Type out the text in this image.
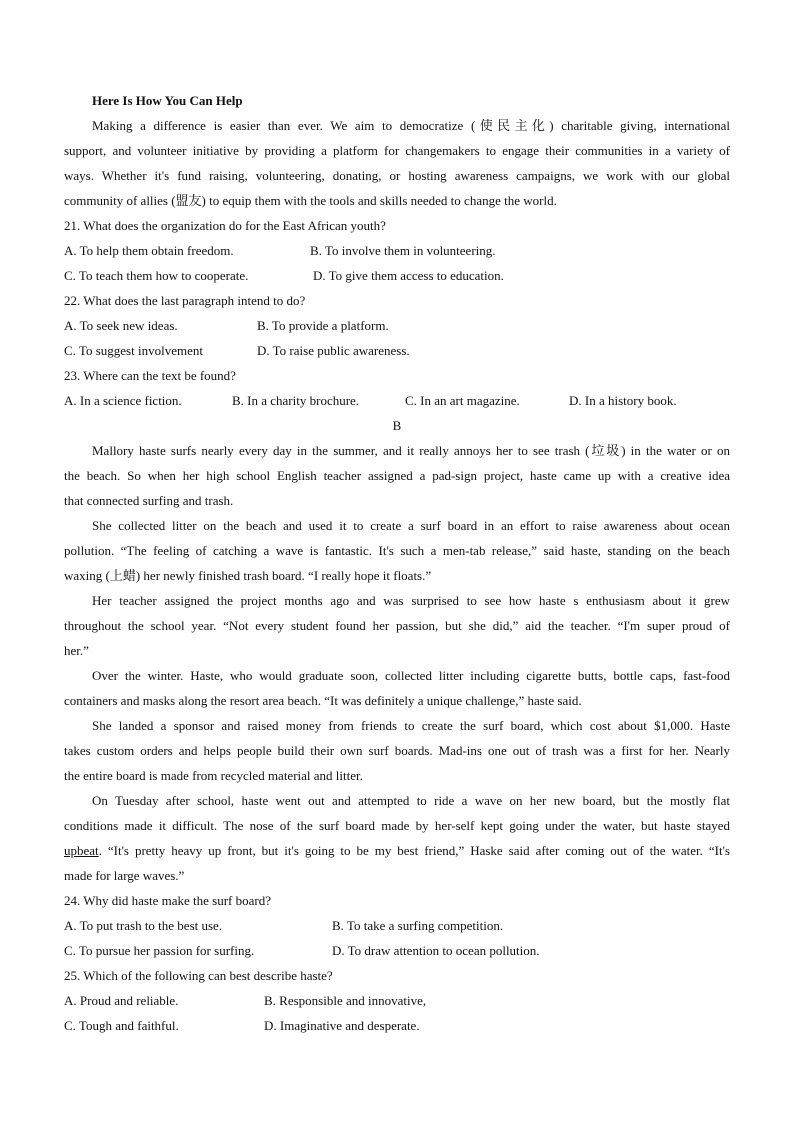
Here Is How You Can Help
Making a difference is easier than ever. We aim to democratize (使民主化) charitable giving, international
support, and volunteer initiative by providing a platform for changemakers to engage their communities in a variety of
ways. Whether it's fund raising, volunteering, donating, or hosting awareness campaigns, we work with our global
community of allies (盟友) to equip them with the tools and skills needed to change the world.
21. What does the organization do for the East African youth?
A. To help them obtain freedom.	B. To involve them in volunteering.
C. To teach them how to cooperate.	D. To give them access to education.
22. What does the last paragraph intend to do?
A. To seek new ideas.	B. To provide a platform.
C. To suggest involvement	D. To raise public awareness.
23. Where can the text be found?
A. In a science fiction.	B. In a charity brochure.	C. In an art magazine.	D. In a history book.
B
Mallory haste surfs nearly every day in the summer, and it really annoys her to see trash (垃圾) in the water or on
the beach. So when her high school English teacher assigned a pad-sign project, haste came up with a creative idea
that connected surfing and trash.
She collected litter on the beach and used it to create a surf board in an effort to raise awareness about ocean
pollution. “The feeling of catching a wave is fantastic. It's such a men-tab release,” said haste, standing on the beach
waxing (上蜡) her newly finished trash board. “I really hope it floats.”
Her teacher assigned the project months ago and was surprised to see how haste s enthusiasm about it grew
throughout the school year. “Not every student found her passion, but she did,” aid the teacher. “I'm super proud of
her.”
Over the winter. Haste, who would graduate soon, collected litter including cigarette butts, bottle caps, fast-food
containers and masks along the resort area beach. “It was definitely a unique challenge,” haste said.
She landed a sponsor and raised money from friends to create the surf board, which cost about $1,000. Haste
takes custom orders and helps people build their own surf boards. Mad-ins one out of trash was a first for her. Nearly
the entire board is made from recycled material and litter.
On Tuesday after school, haste went out and attempted to ride a wave on her new board, but the mostly flat
conditions made it difficult. The nose of the surf board made by her-self kept going under the water, but haste stayed
upbeat. “It's pretty heavy up front, but it's going to be my best friend,” Haske said after coming out of the water. “It's
made for large waves.”
24. Why did haste make the surf board?
A. To put trash to the best use.	B. To take a surfing competition.
C. To pursue her passion for surfing.	D. To draw attention to ocean pollution.
25. Which of the following can best describe haste?
A. Proud and reliable.	B. Responsible and innovative,
C. Tough and faithful.	D. Imaginative and desperate.
